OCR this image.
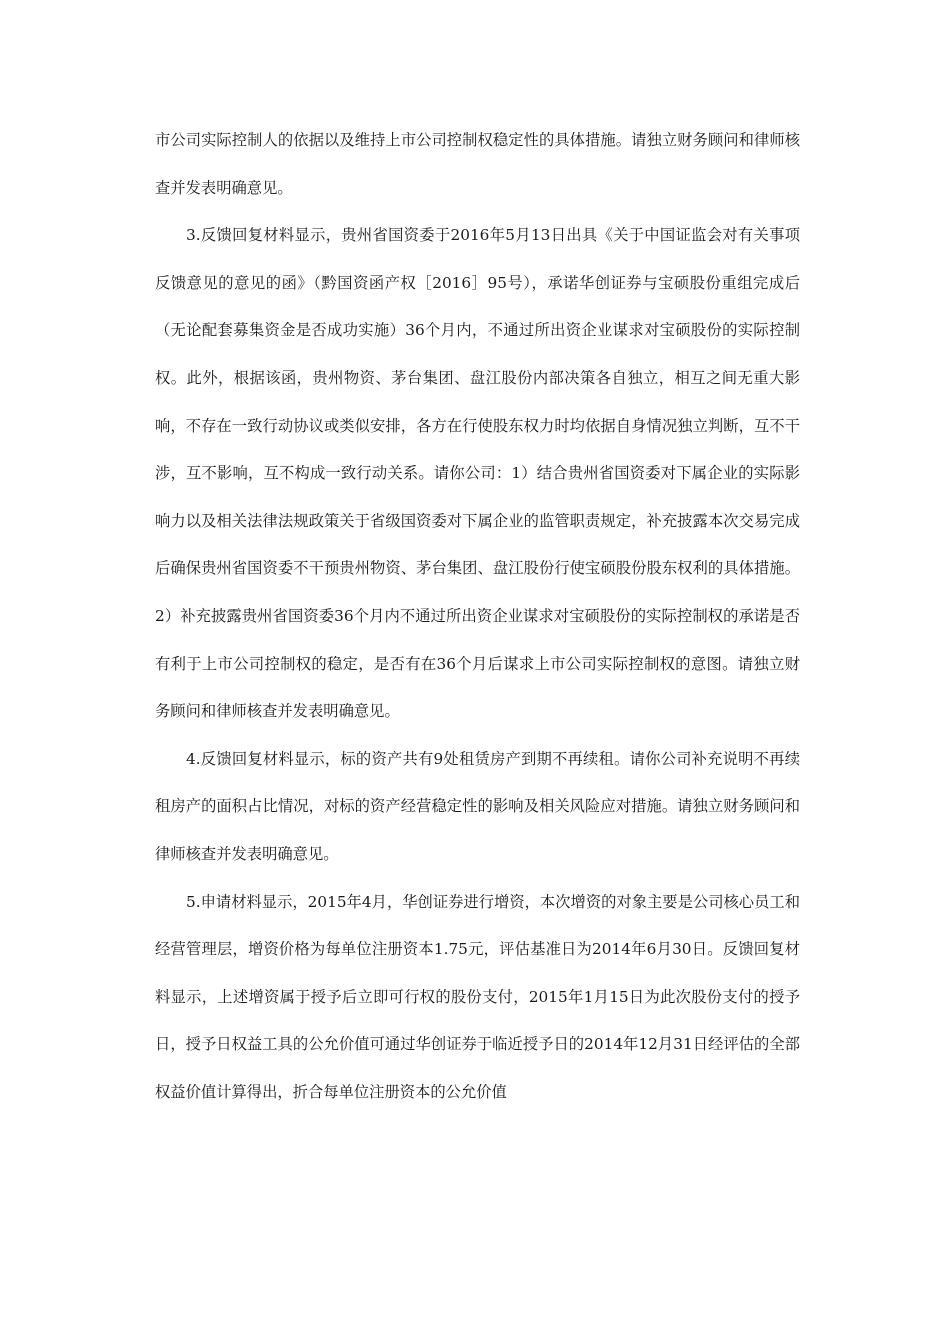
市公司实际控制人的依据以及维持上市公司控制权稳定性的具体措施。请独立财务顾问和律师核查并发表明确意见。

3.反馈回复材料显示，贵州省国资委于2016年5月13日出具《关于中国证监会对有关事项反馈意见的意见的函》（黔国资函产权［2016］95号），承诺华创证券与宝硕股份重组完成后（无论配套募集资金是否成功实施）36个月内，不通过所出资企业谋求对宝硕股份的实际控制权。此外，根据该函，贵州物资、茅台集团、盘江股份内部决策各自独立，相互之间无重大影响，不存在一致行动协议或类似安排，各方在行使股东权力时均依据自身情况独立判断，互不干涉，互不影响，互不构成一致行动关系。请你公司：1）结合贵州省国资委对下属企业的实际影响力以及相关法律法规政策关于省级国资委对下属企业的监管职责规定，补充披露本次交易完成后确保贵州省国资委不干预贵州物资、茅台集团、盘江股份行使宝硕股份股东权利的具体措施。2）补充披露贵州省国资委36个月内不通过所出资企业谋求对宝硕股份的实际控制权的承诺是否有利于上市公司控制权的稳定，是否有在36个月后谋求上市公司实际控制权的意图。请独立财务顾问和律师核查并发表明确意见。

4.反馈回复材料显示，标的资产共有9处租赁房产到期不再续租。请你公司补充说明不再续租房产的面积占比情况，对标的资产经营稳定性的影响及相关风险应对措施。请独立财务顾问和律师核查并发表明确意见。

5.申请材料显示，2015年4月，华创证券进行增资，本次增资的对象主要是公司核心员工和经营管理层，增资价格为每单位注册资本1.75元，评估基准日为2014年6月30日。反馈回复材料显示，上述增资属于授予后立即可行权的股份支付，2015年1月15日为此次股份支付的授予日，授予日权益工具的公允价值可通过华创证券于临近授予日的2014年12月31日经评估的全部权益价值计算得出，折合每单位注册资本的公允价值
